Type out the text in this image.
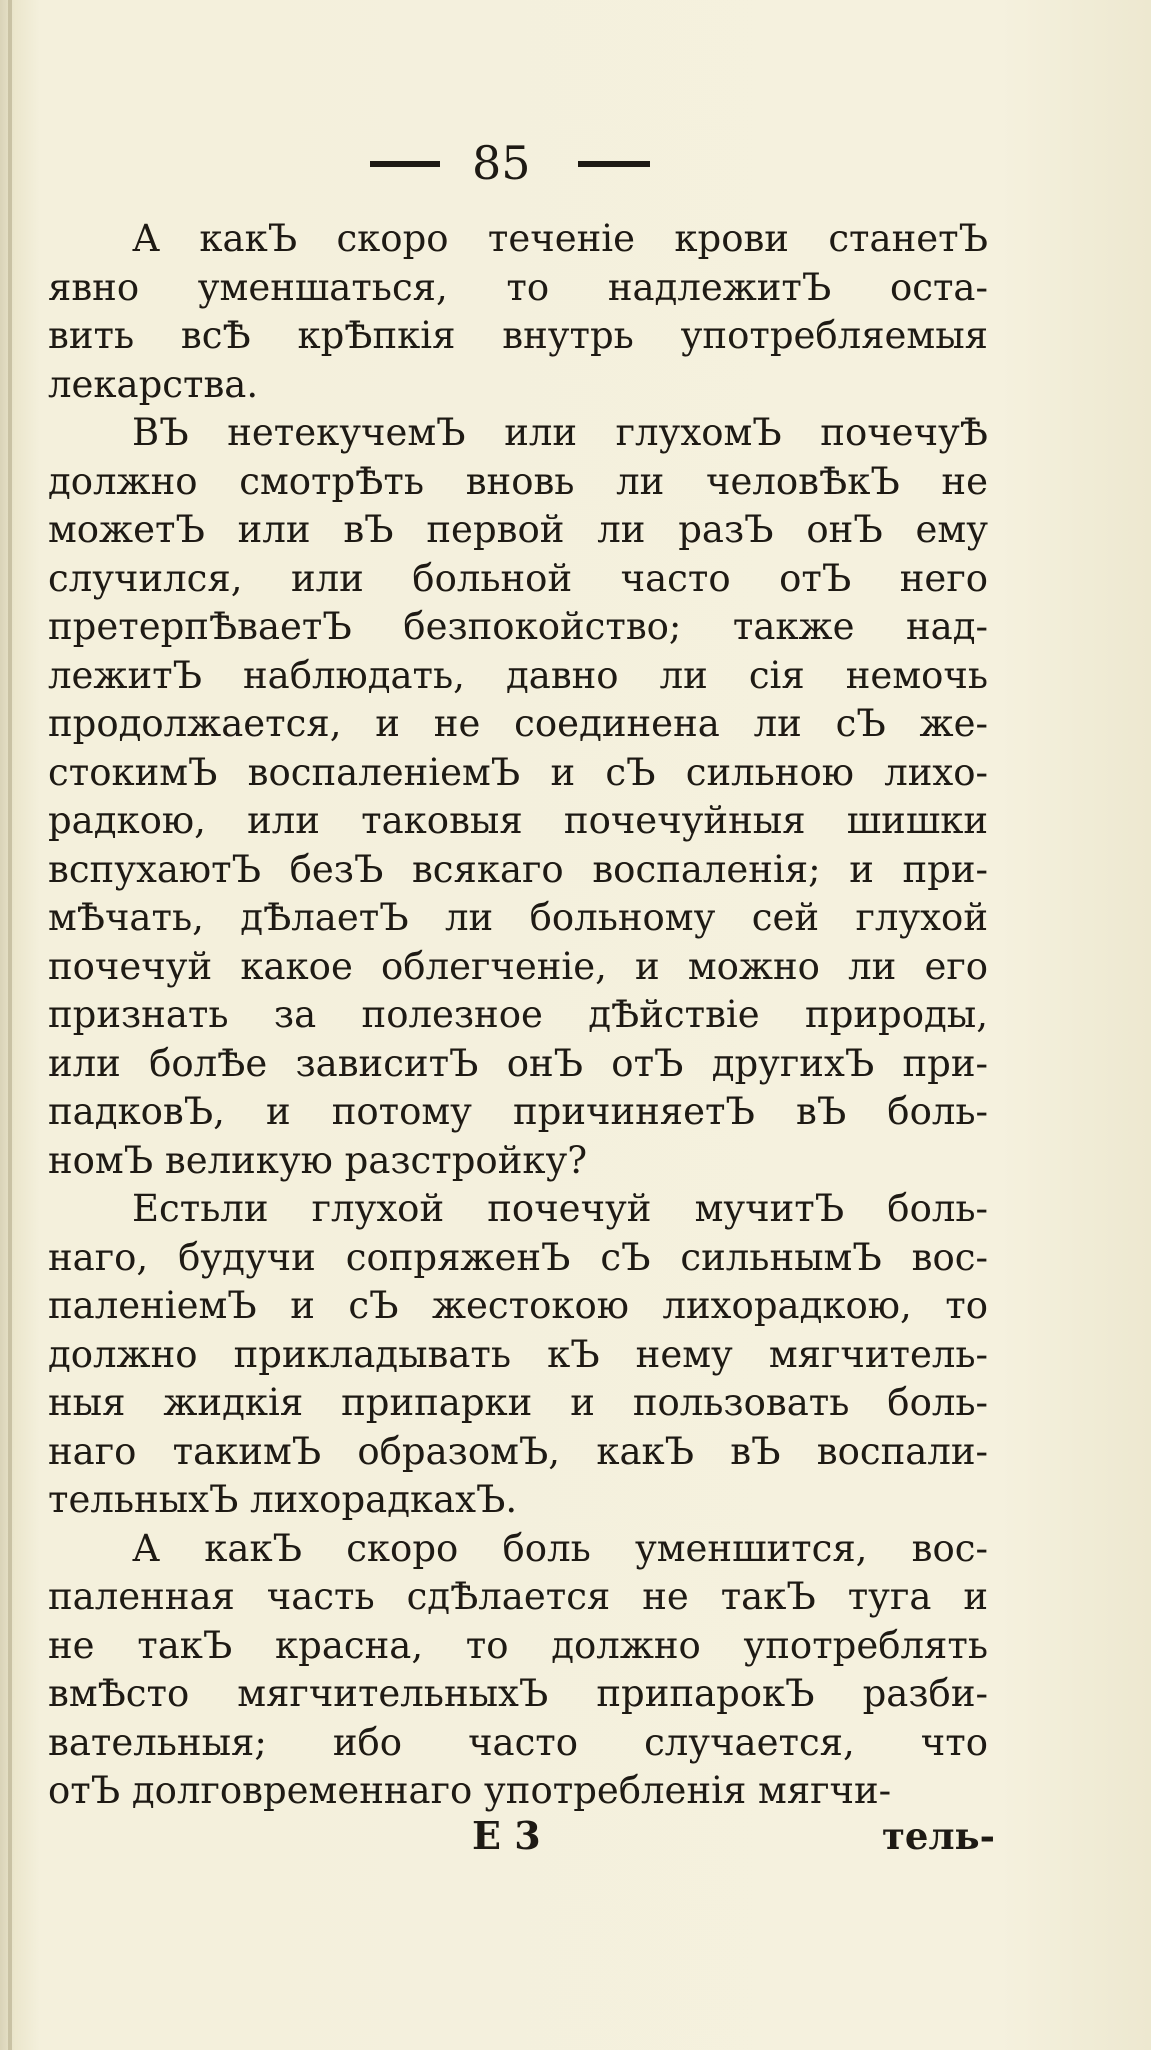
85
А какЪ скоро теченіе крови станетЪ
явно уменшаться, то надлежитЪ оста-
вить всѢ крѢпкія внутрь употребляемыя
лекарства.
ВЪ нетекучемЪ или глухомЪ почечуѢ
должно смотрѢть вновь ли человѢкЪ не
можетЪ или вЪ первой ли разЪ онЪ ему
случился, или больной часто отЪ него
претерпѢваетЪ безпокойство; также над-
лежитЪ наблюдать, давно ли сія немочь
продолжается, и не соединена ли сЪ же-
стокимЪ воспаленіемЪ и сЪ сильною лихо-
радкою, или таковыя почечуйныя шишки
вспухаютЪ безЪ всякаго воспаленія; и при-
мѢчать, дѢлаетЪ ли больному сей глухой
почечуй какое облегченіе, и можно ли его
признать за полезное дѢйствіе природы,
или болѢе зависитЪ онЪ отЪ другихЪ при-
падковЪ, и потому причиняетЪ вЪ боль-
номЪ великую разстройку?
Естьли глухой почечуй мучитЪ боль-
наго, будучи сопряженЪ сЪ сильнымЪ вос-
паленіемЪ и сЪ жестокою лихорадкою, то
должно прикладывать кЪ нему мягчитель-
ныя жидкія припарки и пользовать боль-
наго такимЪ образомЪ, какЪ вЪ воспали-
тельныхЪ лихорадкахЪ.
А какЪ скоро боль уменшится, вос-
паленная часть сдѢлается не такЪ туга и
не такЪ красна, то должно употреблять
вмѢсто мягчительныхЪ припарокЪ разби-
вательныя; ибо часто случается, что
отЪ долговременнаго употребленія мягчи-
Е 3	тель-
